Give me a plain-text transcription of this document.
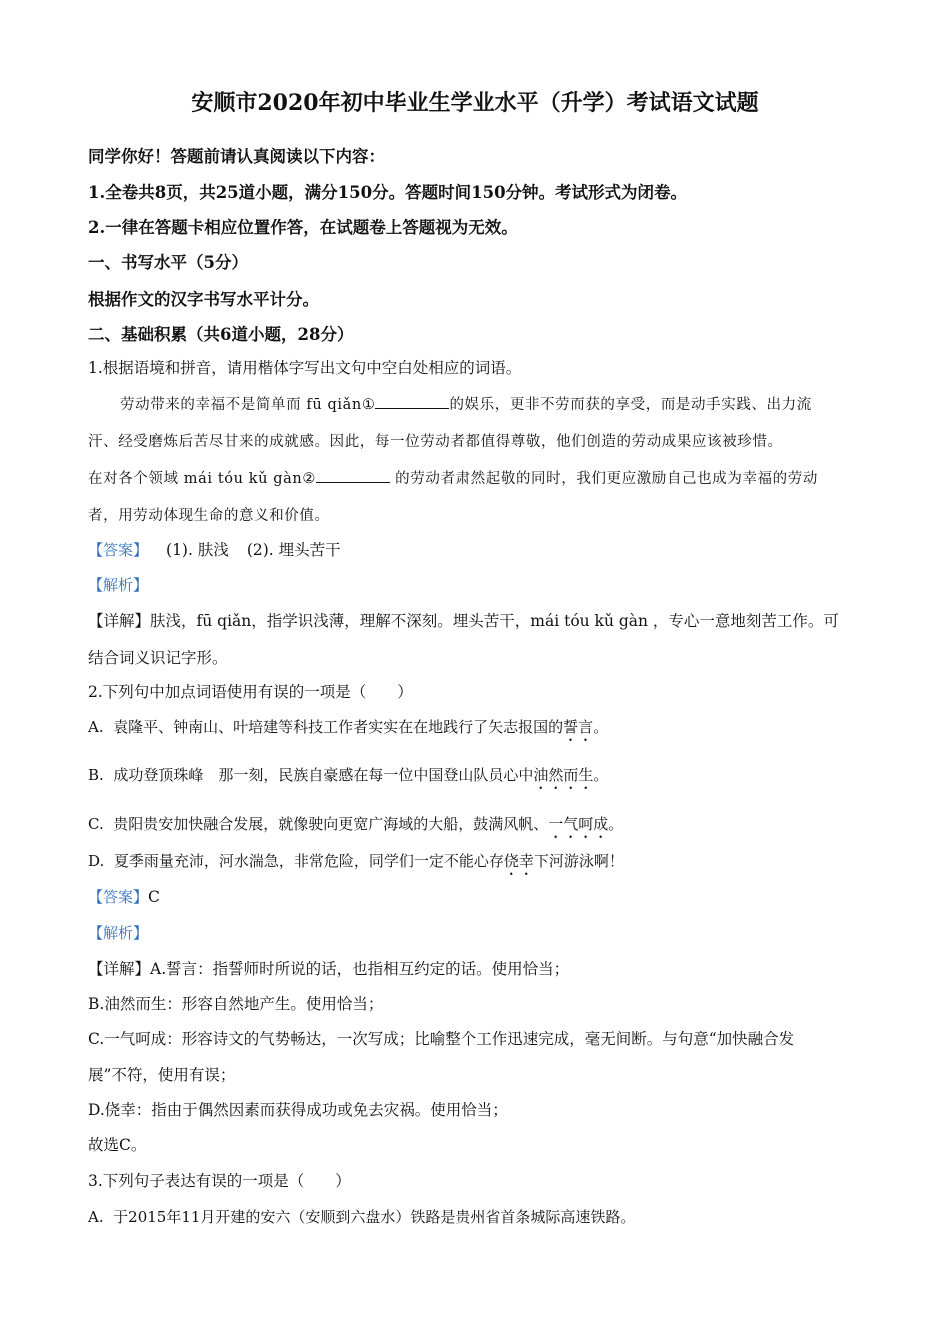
安顺市2020年初中毕业生学业水平（升学）考试语文试题
同学你好！答题前请认真阅读以下内容：
1.全卷共8页，共25道小题，满分150分。答题时间150分钟。考试形式为闭卷。
2.一律在答题卡相应位置作答，在试题卷上答题视为无效。
一、书写水平（5分）
根据作文的汉字书写水平计分。
二、基础积累（共6道小题，28分）
1.根据语境和拼音，请用楷体字写出文句中空白处相应的词语。
劳动带来的幸福不是简单而 fū qiǎn①	的娱乐，更非不劳而获的享受，而是动手实践、出力流
汗、经受磨炼后苦尽甘来的成就感。因此，每一位劳动者都值得尊敬，他们创造的劳动成果应该被珍惜。
在对各个领域 mái tóu kǔ gàn②	的劳动者肃然起敬的同时，我们更应激励自己也成为幸福的劳动
者，用劳动体现生命的意义和价值。
【答案】 (1). 肤浅 (2). 埋头苦干
【解析】
【详解】肤浅，fū qiǎn，指学识浅薄，理解不深刻。埋头苦干，mái tóu kǔ gàn ，专心一意地刻苦工作。可
结合词义识记字形。
2.下列句中加点词语使用有误的一项是（　　）
A. 袁隆平、钟南山、叶培建等科技工作者实实在在地践行了矢志报国的誓言。
B. 成功登顶珠峰　那一刻，民族自豪感在每一位中国登山队员心中油然而生。
C. 贵阳贵安加快融合发展，就像驶向更宽广海域的大船，鼓满风帆、一气呵成。
D. 夏季雨量充沛，河水湍急，非常危险，同学们一定不能心存侥幸下河游泳啊！
【答案】C
【解析】
【详解】A.誓言：指誓师时所说的话，也指相互约定的话。使用恰当；
B.油然而生：形容自然地产生。使用恰当；
C.一气呵成：形容诗文的气势畅达，一次写成；比喻整个工作迅速完成，毫无间断。与句意“加快融合发
展”不符，使用有误；
D.侥幸：指由于偶然因素而获得成功或免去灾祸。使用恰当；
故选C。
3.下列句子表达有误的一项是（　　）
A. 于2015年11月开建的安六（安顺到六盘水）铁路是贵州省首条城际高速铁路。
